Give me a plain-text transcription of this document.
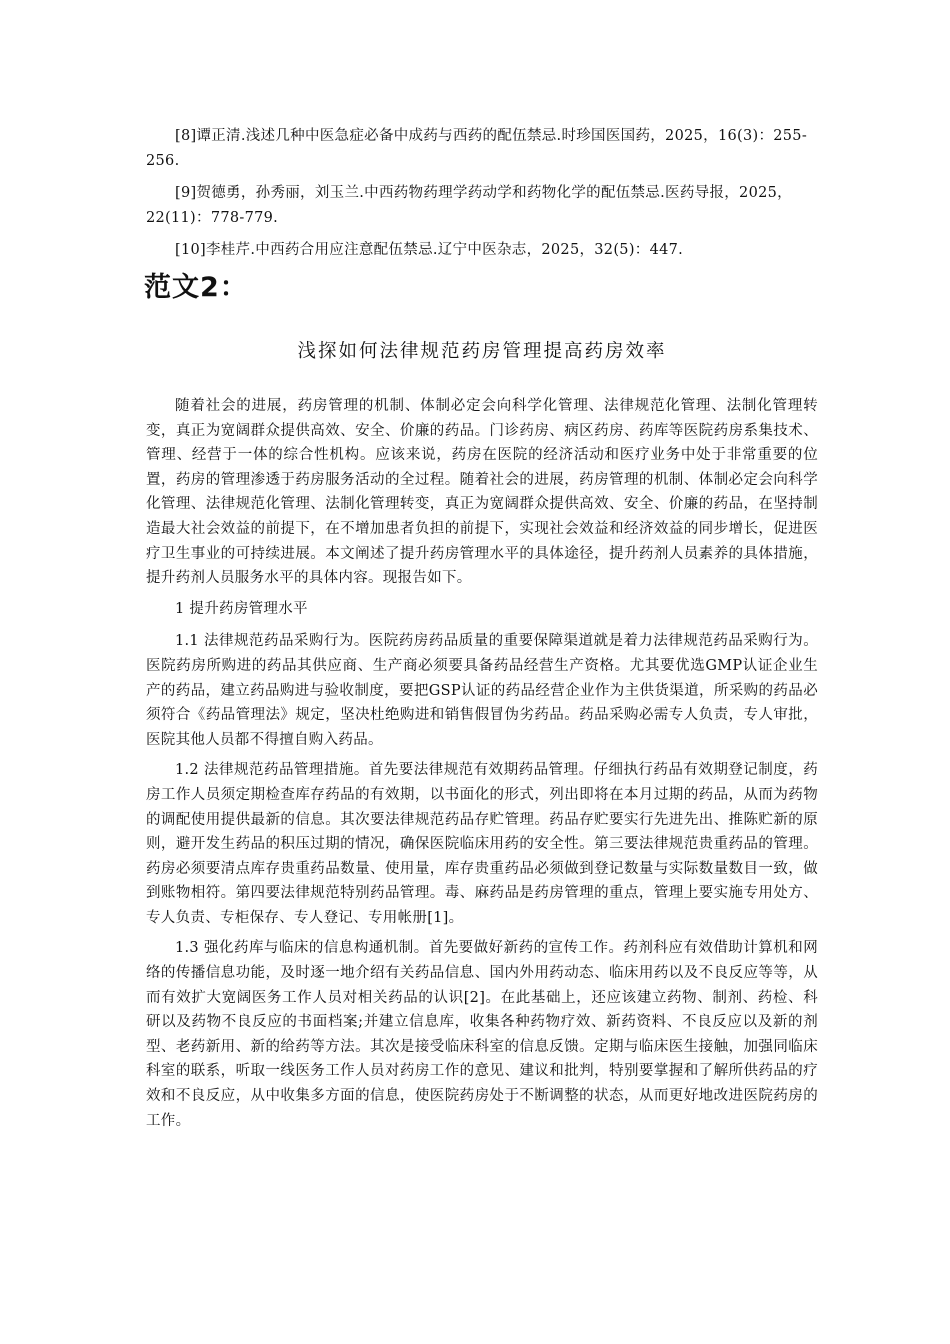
[8]谭正清.浅述几种中医急症必备中成药与西药的配伍禁忌.时珍国医国药，2025，16(3)：255-256.

[9]贺德勇，孙秀丽，刘玉兰.中西药物药理学药动学和药物化学的配伍禁忌.医药导报，2025，22(11)：778-779.

[10]李桂芹.中西药合用应注意配伍禁忌.辽宁中医杂志，2025，32(5)：447.

范文2：
浅探如何法律规范药房管理提高药房效率

随着社会的进展，药房管理的机制、体制必定会向科学化管理、法律规范化管理、法制化管理转变，真正为宽阔群众提供高效、安全、价廉的药品。门诊药房、病区药房、药库等医院药房系集技术、管理、经营于一体的综合性机构。应该来说，药房在医院的经济活动和医疗业务中处于非常重要的位置，药房的管理渗透于药房服务活动的全过程。随着社会的进展，药房管理的机制、体制必定会向科学化管理、法律规范化管理、法制化管理转变，真正为宽阔群众提供高效、安全、价廉的药品，在坚持制造最大社会效益的前提下，在不增加患者负担的前提下，实现社会效益和经济效益的同步增长，促进医疗卫生事业的可持续进展。本文阐述了提升药房管理水平的具体途径，提升药剂人员素养的具体措施，提升药剂人员服务水平的具体内容。现报告如下。

1 提升药房管理水平

1.1 法律规范药品采购行为。医院药房药品质量的重要保障渠道就是着力法律规范药品采购行为。医院药房所购进的药品其供应商、生产商必须要具备药品经营生产资格。尤其要优选GMP认证企业生产的药品，建立药品购进与验收制度，要把GSP认证的药品经营企业作为主供货渠道，所采购的药品必须符合《药品管理法》规定，坚决杜绝购进和销售假冒伪劣药品。药品采购必需专人负责，专人审批，医院其他人员都不得擅自购入药品。

1.2 法律规范药品管理措施。首先要法律规范有效期药品管理。仔细执行药品有效期登记制度，药房工作人员须定期检查库存药品的有效期，以书面化的形式，列出即将在本月过期的药品，从而为药物的调配使用提供最新的信息。其次要法律规范药品存贮管理。药品存贮要实行先进先出、推陈贮新的原则，避开发生药品的积压过期的情况，确保医院临床用药的安全性。第三要法律规范贵重药品的管理。药房必须要清点库存贵重药品数量、使用量，库存贵重药品必须做到登记数量与实际数量数目一致，做到账物相符。第四要法律规范特别药品管理。毒、麻药品是药房管理的重点，管理上要实施专用处方、专人负责、专柜保存、专人登记、专用帐册[1]。

1.3 强化药库与临床的信息构通机制。首先要做好新药的宣传工作。药剂科应有效借助计算机和网络的传播信息功能，及时逐一地介绍有关药品信息、国内外用药动态、临床用药以及不良反应等等，从而有效扩大宽阔医务工作人员对相关药品的认识[2]。在此基础上，还应该建立药物、制剂、药检、科研以及药物不良反应的书面档案;并建立信息库，收集各种药物疗效、新药资料、不良反应以及新的剂型、老药新用、新的给药等方法。其次是接受临床科室的信息反馈。定期与临床医生接触，加强同临床科室的联系，听取一线医务工作人员对药房工作的意见、建议和批判，特别要掌握和了解所供药品的疗效和不良反应，从中收集多方面的信息，使医院药房处于不断调整的状态，从而更好地改进医院药房的工作。
